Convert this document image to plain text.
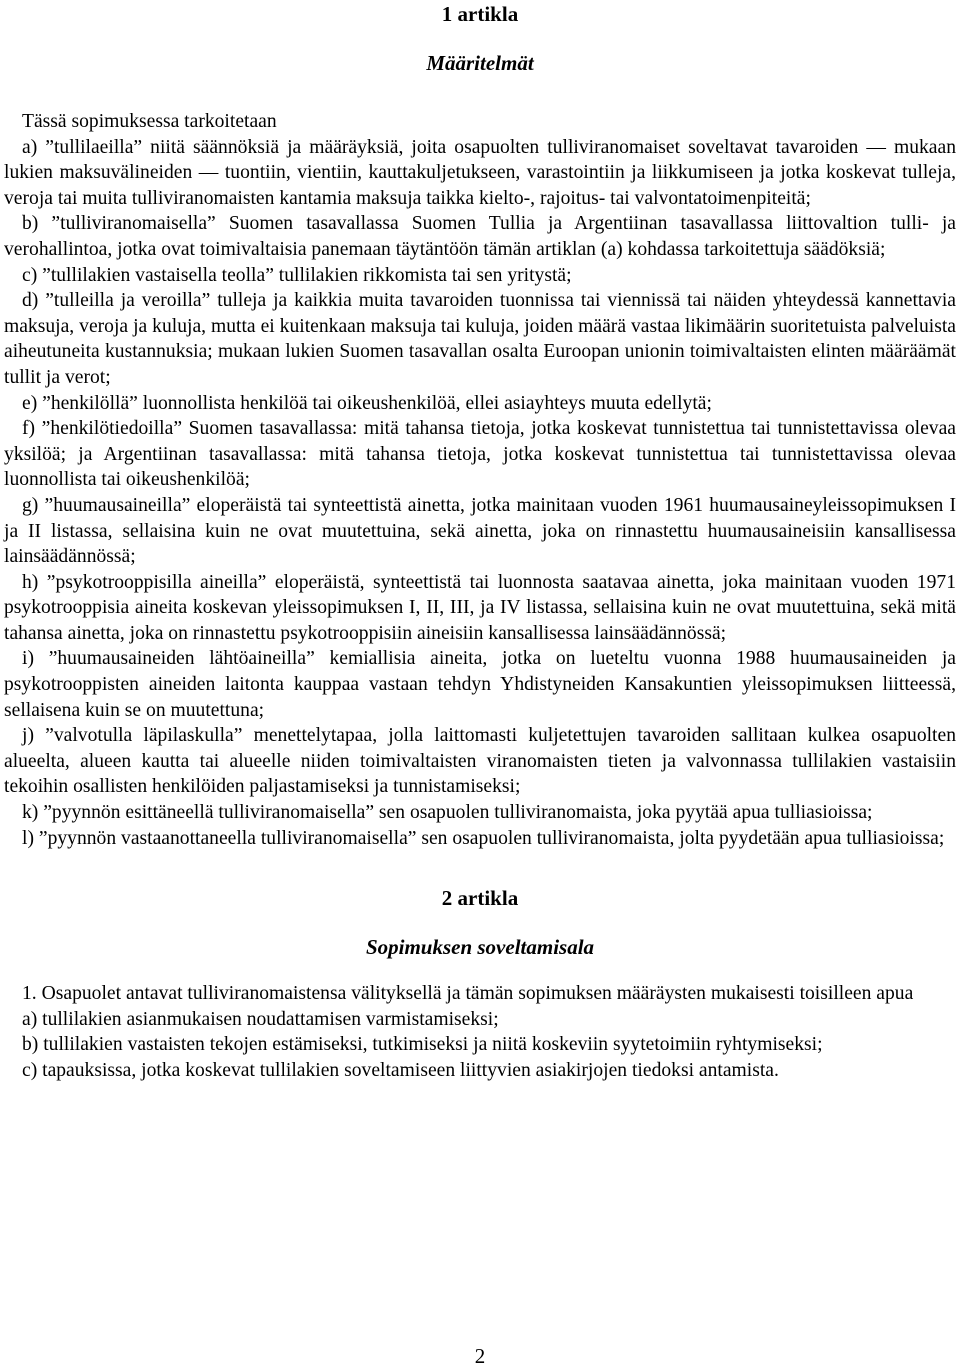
1 artikla
Määritelmät

Tässä sopimuksessa tarkoitetaan

a) ”tullilaeilla” niitä säännöksiä ja määräyksiä, joita osapuolten tulliviranomaiset soveltavat tavaroiden — mukaan lukien maksuvälineiden — tuontiin, vientiin, kauttakuljetukseen, varastointiin ja liikkumiseen ja jotka koskevat tulleja, veroja tai muita tulliviranomaisten kantamia maksuja taikka kielto-, rajoitus- tai valvontatoimenpiteitä;

b) ”tulliviranomaisella” Suomen tasavallassa Suomen Tullia ja Argentiinan tasavallassa liittovaltion tulli- ja verohallintoa, jotka ovat toimivaltaisia panemaan täytäntöön tämän artiklan (a) kohdassa tarkoitettuja säädöksiä;

c) ”tullilakien vastaisella teolla” tullilakien rikkomista tai sen yritystä;

d) ”tulleilla ja veroilla” tulleja ja kaikkia muita tavaroiden tuonnissa tai viennissä tai näiden yhteydessä kannettavia maksuja, veroja ja kuluja, mutta ei kuitenkaan maksuja tai kuluja, joiden määrä vastaa likimäärin suoritetuista palveluista aiheutuneita kustannuksia; mukaan lukien Suomen tasavallan osalta Euroopan unionin toimivaltaisten elinten määräämät tullit ja verot;

e) ”henkilöllä” luonnollista henkilöä tai oikeushenkilöä, ellei asiayhteys muuta edellytä;

f) ”henkilötiedoilla” Suomen tasavallassa: mitä tahansa tietoja, jotka koskevat tunnistettua tai tunnistettavissa olevaa yksilöä; ja Argentiinan tasavallassa: mitä tahansa tietoja, jotka koskevat tunnistettua tai tunnistettavissa olevaa luonnollista tai oikeushenkilöä;

g) ”huumausaineilla” eloperäistä tai synteettistä ainetta, jotka mainitaan vuoden 1961 huumausaineyleissopimuksen I ja II listassa, sellaisina kuin ne ovat muutettuina, sekä ainetta, joka on rinnastettu huumausaineisiin kansallisessa lainsäädännössä;

h) ”psykotrooppisilla aineilla” eloperäistä, synteettistä tai luonnosta saatavaa ainetta, joka mainitaan vuoden 1971 psykotrooppisia aineita koskevan yleissopimuksen I, II, III, ja IV listassa, sellaisina kuin ne ovat muutettuina, sekä mitä tahansa ainetta, joka on rinnastettu psykotrooppisiin aineisiin kansallisessa lainsäädännössä;

i) ”huumausaineiden lähtöaineilla” kemiallisia aineita, jotka on lueteltu vuonna 1988 huumausaineiden ja psykotrooppisten aineiden laitonta kauppaa vastaan tehdyn Yhdistyneiden Kansakuntien yleissopimuksen liitteessä, sellaisena kuin se on muutettuna;

j) ”valvotulla läpilaskulla” menettelytapaa, jolla laittomasti kuljetettujen tavaroiden sallitaan kulkea osapuolten alueelta, alueen kautta tai alueelle niiden toimivaltaisten viranomaisten tieten ja valvonnassa tullilakien vastaisiin tekoihin osallisten henkilöiden paljastamiseksi ja tunnistamiseksi;

k) ”pyynnön esittäneellä tulliviranomaisella” sen osapuolen tulliviranomaista, joka pyytää apua tulliasioissa;

l) ”pyynnön vastaanottaneella tulliviranomaisella” sen osapuolen tulliviranomaista, jolta pyydetään apua tulliasioissa;

2 artikla
Sopimuksen soveltamisala

1. Osapuolet antavat tulliviranomaistensa välityksellä ja tämän sopimuksen määräysten mukaisesti toisilleen apua

a) tullilakien asianmukaisen noudattamisen varmistamiseksi;

b) tullilakien vastaisten tekojen estämiseksi, tutkimiseksi ja niitä koskeviin syytetoimiin ryhtymiseksi;

c) tapauksissa, jotka koskevat tullilakien soveltamiseen liittyvien asiakirjojen tiedoksi antamista.

2
